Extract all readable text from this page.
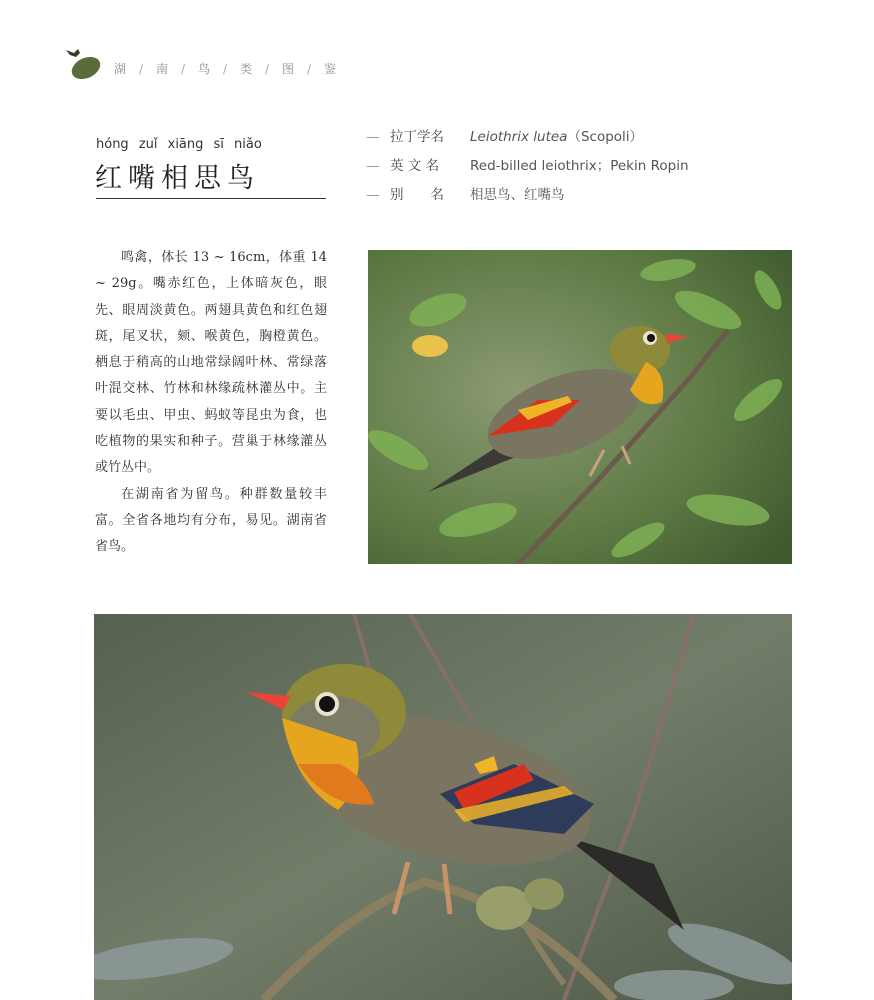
湖 / 南 / 鸟 / 类 / 图 / 鉴
hóng zuǐ xiāng sī niǎo
红嘴相思鸟
— 拉丁学名 Leiothrix lutea（Scopoli）
— 英 文 名 Red-billed leiothrix；Pekin Ropin
— 别　　名 相思鸟、红嘴鸟

鸣禽，体长 13 ~ 16cm，体重 14 ~ 29g。嘴赤红色，上体暗灰色，眼先、眼周淡黄色。两翅具黄色和红色翅斑，尾叉状，颏、喉黄色，胸橙黄色。栖息于稍高的山地常绿阔叶林、常绿落叶混交林、竹林和林缘疏林灌丛中。主要以毛虫、甲虫、蚂蚁等昆虫为食，也吃植物的果实和种子。营巢于林缘灌丛或竹丛中。

在湖南省为留鸟。种群数量较丰富。全省各地均有分布，易见。湖南省省鸟。
